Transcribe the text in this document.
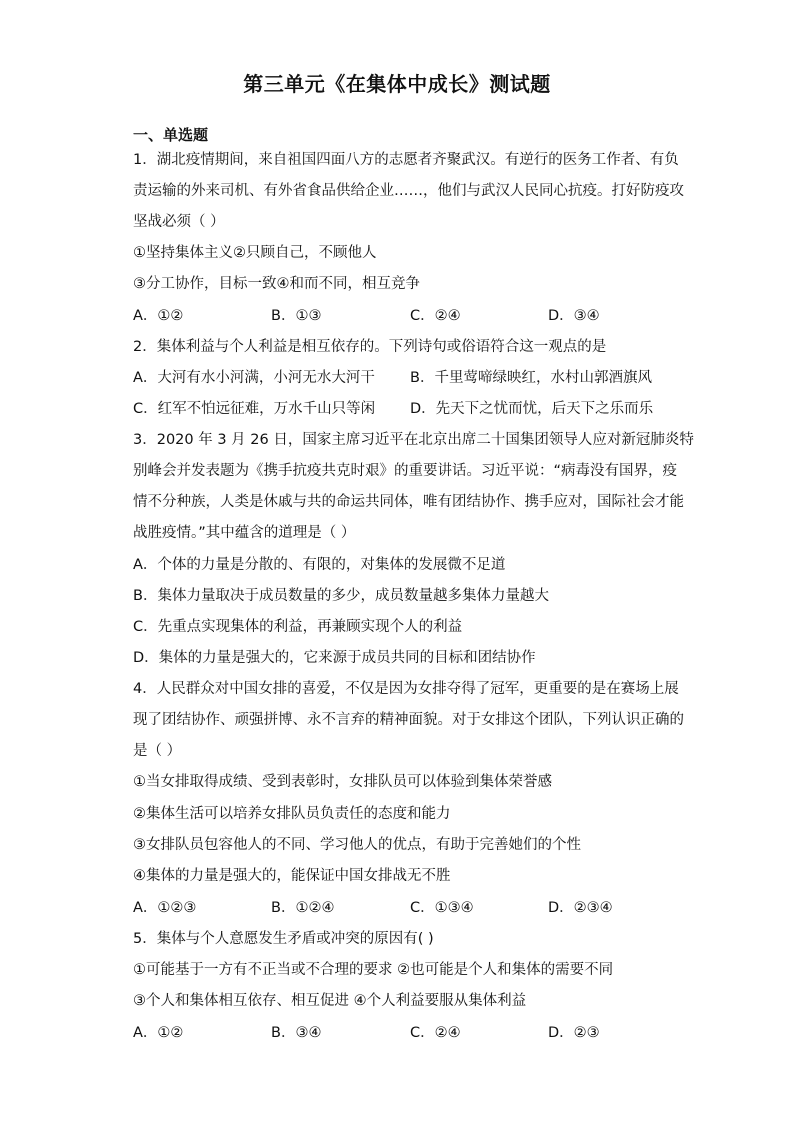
第三单元《在集体中成长》测试题
一、单选题
1．湖北疫情期间，来自祖国四面八方的志愿者齐聚武汉。有逆行的医务工作者、有负
责运输的外来司机、有外省食品供给企业……，他们与武汉人民同心抗疫。打好防疫攻
坚战必须（ ）
①坚持集体主义②只顾自己，不顾他人
③分工协作，目标一致④和而不同，相互竞争
A．①②	B．①③	C．②④	D．③④
2．集体利益与个人利益是相互依存的。下列诗句或俗语符合这一观点的是
A．大河有水小河满，小河无水大河干 B．千里莺啼绿映红，水村山郭酒旗风
C．红军不怕远征难，万水千山只等闲 D．先天下之忧而忧，后天下之乐而乐
3．2020 年 3 月 26 日，国家主席习近平在北京出席二十国集团领导人应对新冠肺炎特
别峰会并发表题为《携手抗疫共克时艰》的重要讲话。习近平说：“病毒没有国界，疫
情不分种族，人类是休戚与共的命运共同体，唯有团结协作、携手应对，国际社会才能
战胜疫情。”其中蕴含的道理是（ ）
A．个体的力量是分散的、有限的，对集体的发展微不足道
B．集体力量取决于成员数量的多少，成员数量越多集体力量越大
C．先重点实现集体的利益，再兼顾实现个人的利益
D．集体的力量是强大的，它来源于成员共同的目标和团结协作
4．人民群众对中国女排的喜爱，不仅是因为女排夺得了冠军，更重要的是在赛场上展
现了团结协作、顽强拼博、永不言弃的精神面貌。对于女排这个团队，下列认识正确的
是（ ）
①当女排取得成绩、受到表彰时，女排队员可以体验到集体荣誉感
②集体生活可以培养女排队员负责任的态度和能力
③女排队员包容他人的不同、学习他人的优点，有助于完善她们的个性
④集体的力量是强大的，能保证中国女排战无不胜
A．①②③	B．①②④	C．①③④	D．②③④
5．集体与个人意愿发生矛盾或冲突的原因有( )
①可能基于一方有不正当或不合理的要求 ②也可能是个人和集体的需要不同
③个人和集体相互依存、相互促进 ④个人利益要服从集体利益
A．①②	B．③④	C．②④	D．②③
